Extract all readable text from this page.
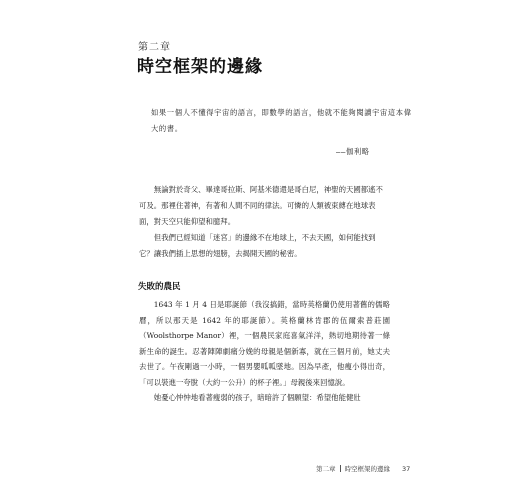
第二章
時空框架的邊緣
如果一個人不懂得宇宙的語言，即數學的語言，他就不能夠閱讀宇宙這本偉大的書。
——伽利略

無論對於奇父、畢達哥拉斯、阿基米德還是哥白尼，神聖的天國都遙不可及。那裡住著神，有著和人間不同的律法。可憐的人類被束縛在地球表面，對天空只能仰望和臆拜。

但我們已經知道「迷宮」的邊緣不在地球上，不去天國，如何能找到它？讓我們插上思想的翅膀，去揭開天國的秘密。

失敗的農民

1643 年 1 月 4 日是耶誕節（我沒搞錯，當時英格蘭仍使用著舊的儒略曆，所以那天是 1642 年的耶誕節）。英格蘭林肯郡的伍爾索普莊園（Woolsthorpe Manor）裡，一個農民家庭喜氣洋洋，熱切地期待著一條新生命的誕生。忍著陣陣劇痛分娩的母親是個新寡，就在三個月前，她丈夫去世了。午夜剛過一小時，一個男嬰呱呱墜地。因為早產，他瘦小得出奇，「可以裝進一夸脫（大約一公升）的杯子裡。」母親後來回憶說。

她憂心忡忡地看著瘦弱的孩子，暗暗許了個願望：希望他能健壯

第二章 時空框架的邊緣 37
